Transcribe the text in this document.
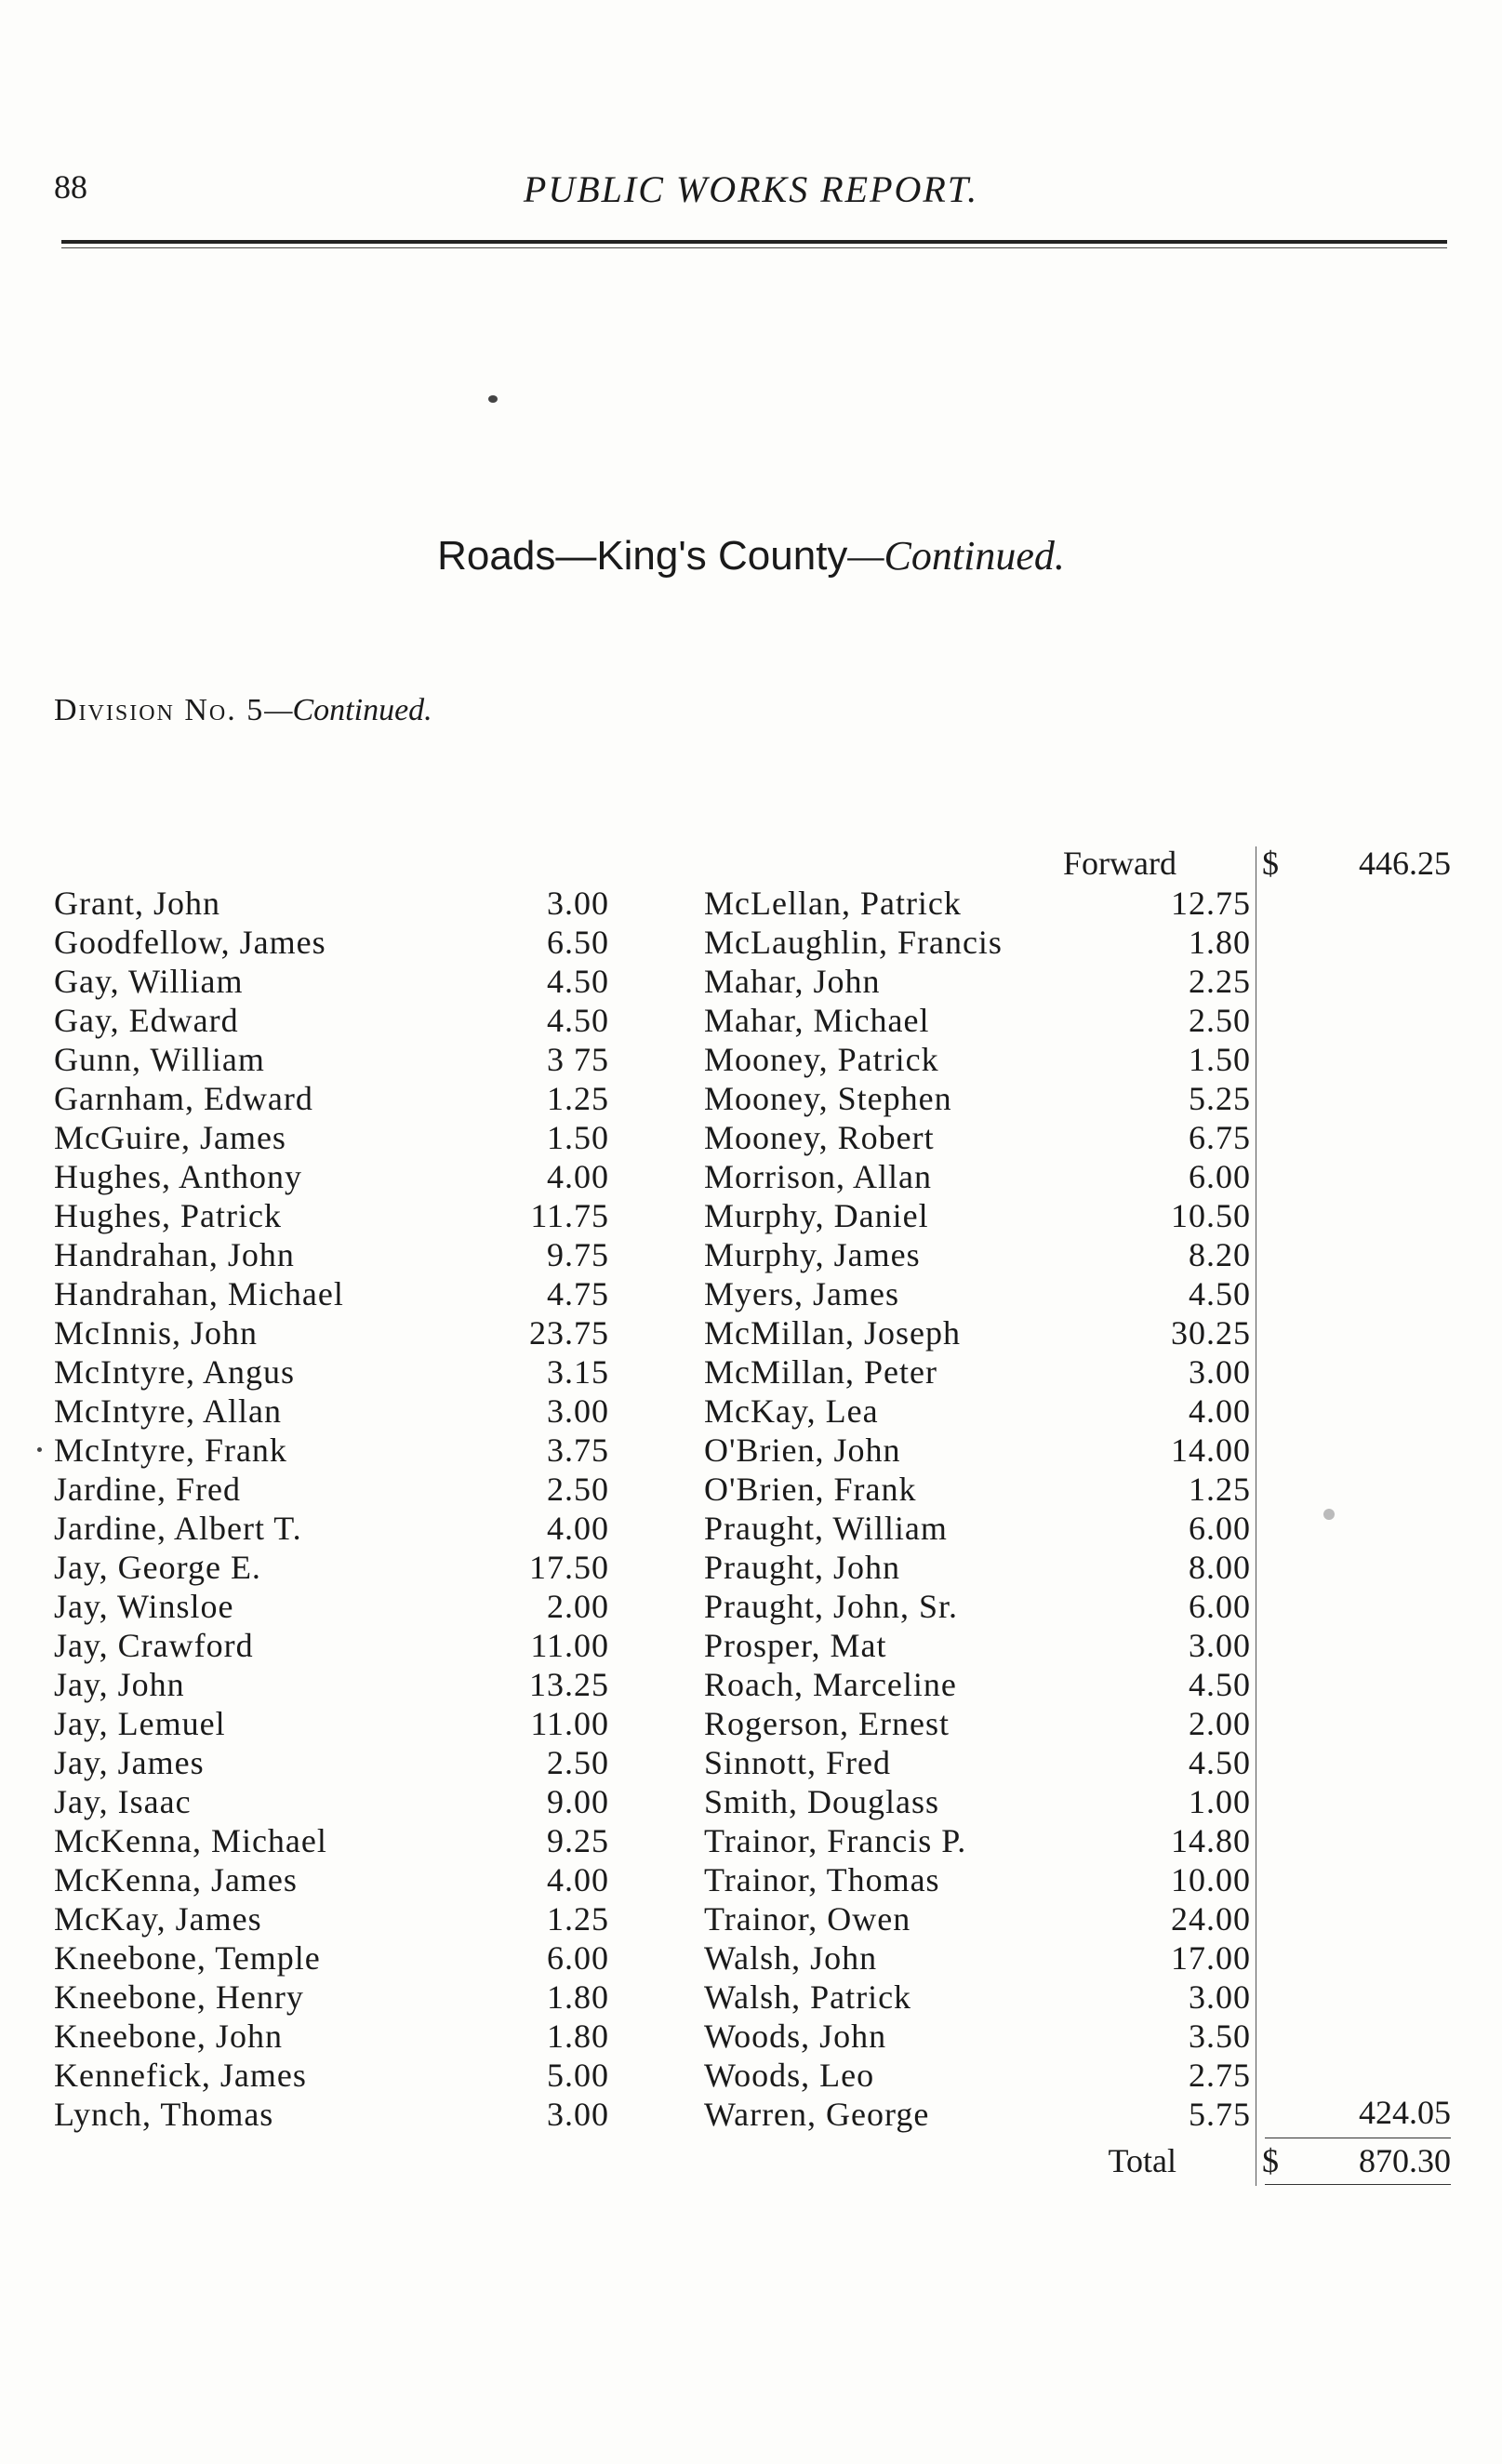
88	PUBLIC WORKS REPORT.
Roads—King's County—Continued.
Division No. 5—Continued.
Forward	$	446.25
Grant, John	3.00	McLellan, Patrick	12.75
Goodfellow, James	6.50	McLaughlin, Francis	1.80
Gay, William	4.50	Mahar, John	2.25
Gay, Edward	4.50	Mahar, Michael	2.50
Gunn, William	3 75	Mooney, Patrick	1.50
Garnham, Edward	1.25	Mooney, Stephen	5.25
McGuire, James	1.50	Mooney, Robert	6.75
Hughes, Anthony	4.00	Morrison, Allan	6.00
Hughes, Patrick	11.75	Murphy, Daniel	10.50
Handrahan, John	9.75	Murphy, James	8.20
Handrahan, Michael	4.75	Myers, James	4.50
McInnis, John	23.75	McMillan, Joseph	30.25
McIntyre, Angus	3.15	McMillan, Peter	3.00
McIntyre, Allan	3.00	McKay, Lea	4.00
McIntyre, Frank	3.75	O'Brien, John	14.00
Jardine, Fred	2.50	O'Brien, Frank	1.25
Jardine, Albert T.	4.00	Praught, William	6.00
Jay, George E.	17.50	Praught, John	8.00
Jay, Winsloe	2.00	Praught, John, Sr.	6.00
Jay, Crawford	11.00	Prosper, Mat	3.00
Jay, John	13.25	Roach, Marceline	4.50
Jay, Lemuel	11.00	Rogerson, Ernest	2.00
Jay, James	2.50	Sinnott, Fred	4.50
Jay, Isaac	9.00	Smith, Douglass	1.00
McKenna, Michael	9.25	Trainor, Francis P.	14.80
McKenna, James	4.00	Trainor, Thomas	10.00
McKay, James	1.25	Trainor, Owen	24.00
Kneebone, Temple	6.00	Walsh, John	17.00
Kneebone, Henry	1.80	Walsh, Patrick	3.00
Kneebone, John	1.80	Woods, John	3.50
Kennefick, James	5.00	Woods, Leo	2.75
Lynch, Thomas	3.00	Warren, George	5.75	424.05
Total	$	870.30
